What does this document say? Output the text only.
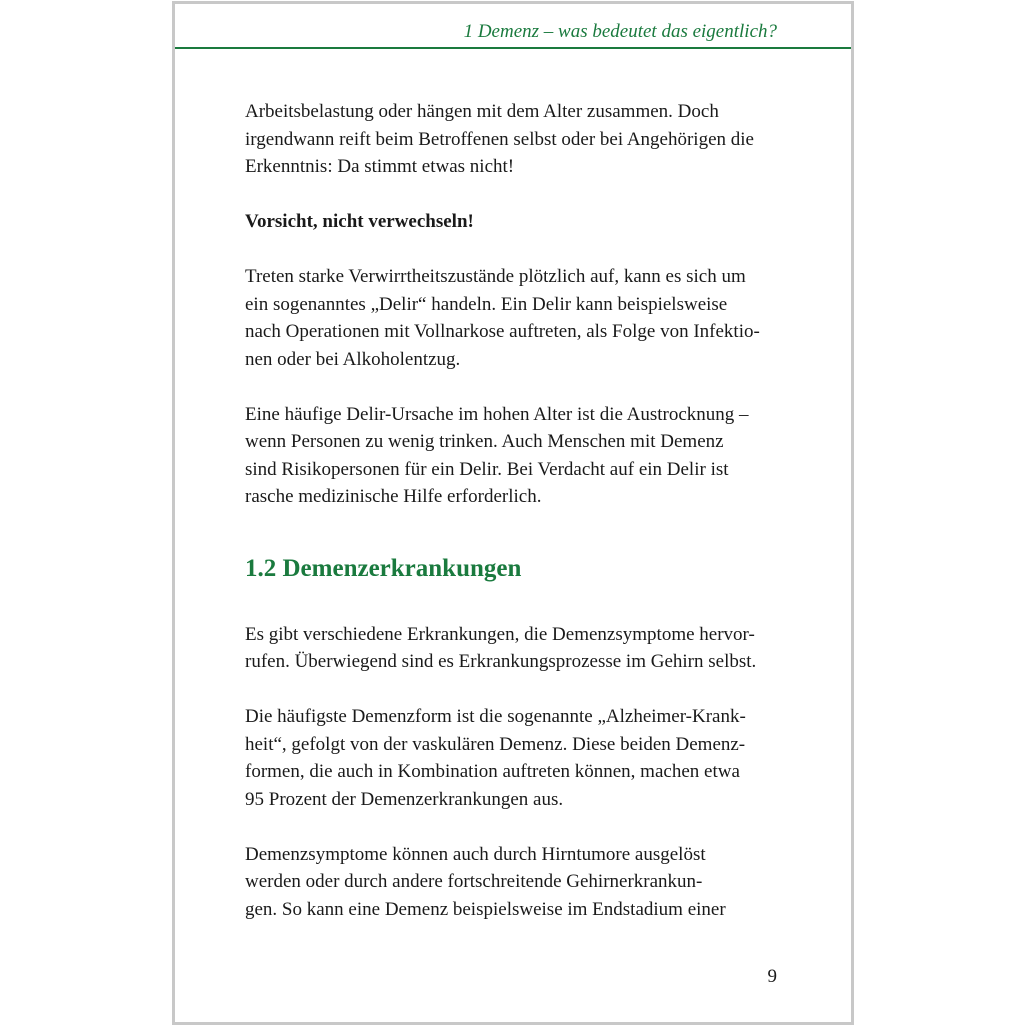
1 Demenz – was bedeutet das eigentlich?
Arbeitsbelastung oder hängen mit dem Alter zusammen. Doch
irgendwann reift beim Betroffenen selbst oder bei Angehörigen die
Erkenntnis: Da stimmt etwas nicht!
Vorsicht, nicht verwechseln!
Treten starke Verwirrtheitszustände plötzlich auf, kann es sich um
ein sogenanntes „Delir“ handeln. Ein Delir kann beispielsweise
nach Operationen mit Vollnarkose auftreten, als Folge von Infektio-
nen oder bei Alkoholentzug.
Eine häufige Delir-Ursache im hohen Alter ist die Austrocknung –
wenn Personen zu wenig trinken. Auch Menschen mit Demenz
sind Risikopersonen für ein Delir. Bei Verdacht auf ein Delir ist
rasche medizinische Hilfe erforderlich.
1.2 Demenzerkrankungen
Es gibt verschiedene Erkrankungen, die Demenzsymptome hervor-
rufen. Überwiegend sind es Erkrankungsprozesse im Gehirn selbst.
Die häufigste Demenzform ist die sogenannte „Alzheimer-Krank-
heit“, gefolgt von der vaskulären Demenz. Diese beiden Demenz-
formen, die auch in Kombination auftreten können, machen etwa
95 Prozent der Demenzerkrankungen aus.
Demenzsymptome können auch durch Hirntumore ausgelöst
werden oder durch andere fortschreitende Gehirnerkrankun-
gen. So kann eine Demenz beispielsweise im Endstadium einer
9
